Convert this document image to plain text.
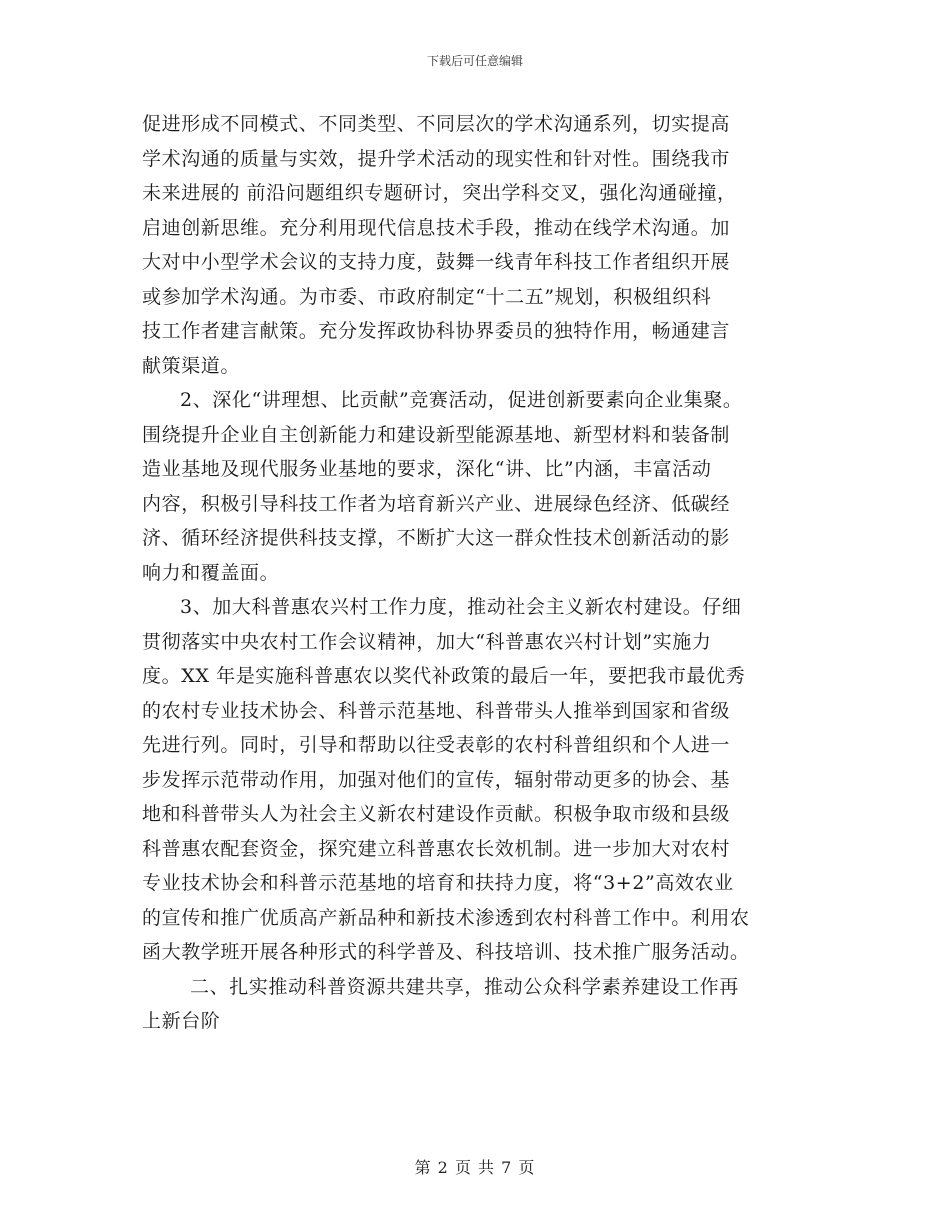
下载后可任意编辑
促进形成不同模式、不同类型、不同层次的学术沟通系列，切实提高
学术沟通的质量与实效，提升学术活动的现实性和针对性。围绕我市
未来进展的 前沿问题组织专题研讨，突出学科交叉，强化沟通碰撞，
启迪创新思维。充分利用现代信息技术手段，推动在线学术沟通。加
大对中小型学术会议的支持力度，鼓舞一线青年科技工作者组织开展
或参加学术沟通。为市委、市政府制定“十二五”规划，积极组织科
技工作者建言献策。充分发挥政协科协界委员的独特作用，畅通建言
献策渠道。
2、深化“讲理想、比贡献”竞赛活动，促进创新要素向企业集聚。
围绕提升企业自主创新能力和建设新型能源基地、新型材料和装备制
造业基地及现代服务业基地的要求，深化“讲、比”内涵，丰富活动
内容，积极引导科技工作者为培育新兴产业、进展绿色经济、低碳经
济、循环经济提供科技支撑，不断扩大这一群众性技术创新活动的影
响力和覆盖面。
3、加大科普惠农兴村工作力度，推动社会主义新农村建设。仔细
贯彻落实中央农村工作会议精神，加大“科普惠农兴村计划”实施力
度。XX 年是实施科普惠农以奖代补政策的最后一年，要把我市最优秀
的农村专业技术协会、科普示范基地、科普带头人推举到国家和省级
先进行列。同时，引导和帮助以往受表彰的农村科普组织和个人进一
步发挥示范带动作用，加强对他们的宣传，辐射带动更多的协会、基
地和科普带头人为社会主义新农村建设作贡献。积极争取市级和县级
科普惠农配套资金，探究建立科普惠农长效机制。进一步加大对农村
专业技术协会和科普示范基地的培育和扶持力度，将“3+2”高效农业
的宣传和推广优质高产新品种和新技术渗透到农村科普工作中。利用农
函大教学班开展各种形式的科学普及、科技培训、技术推广服务活动。
二、扎实推动科普资源共建共享，推动公众科学素养建设工作再
上新台阶
第 2 页 共 7 页
